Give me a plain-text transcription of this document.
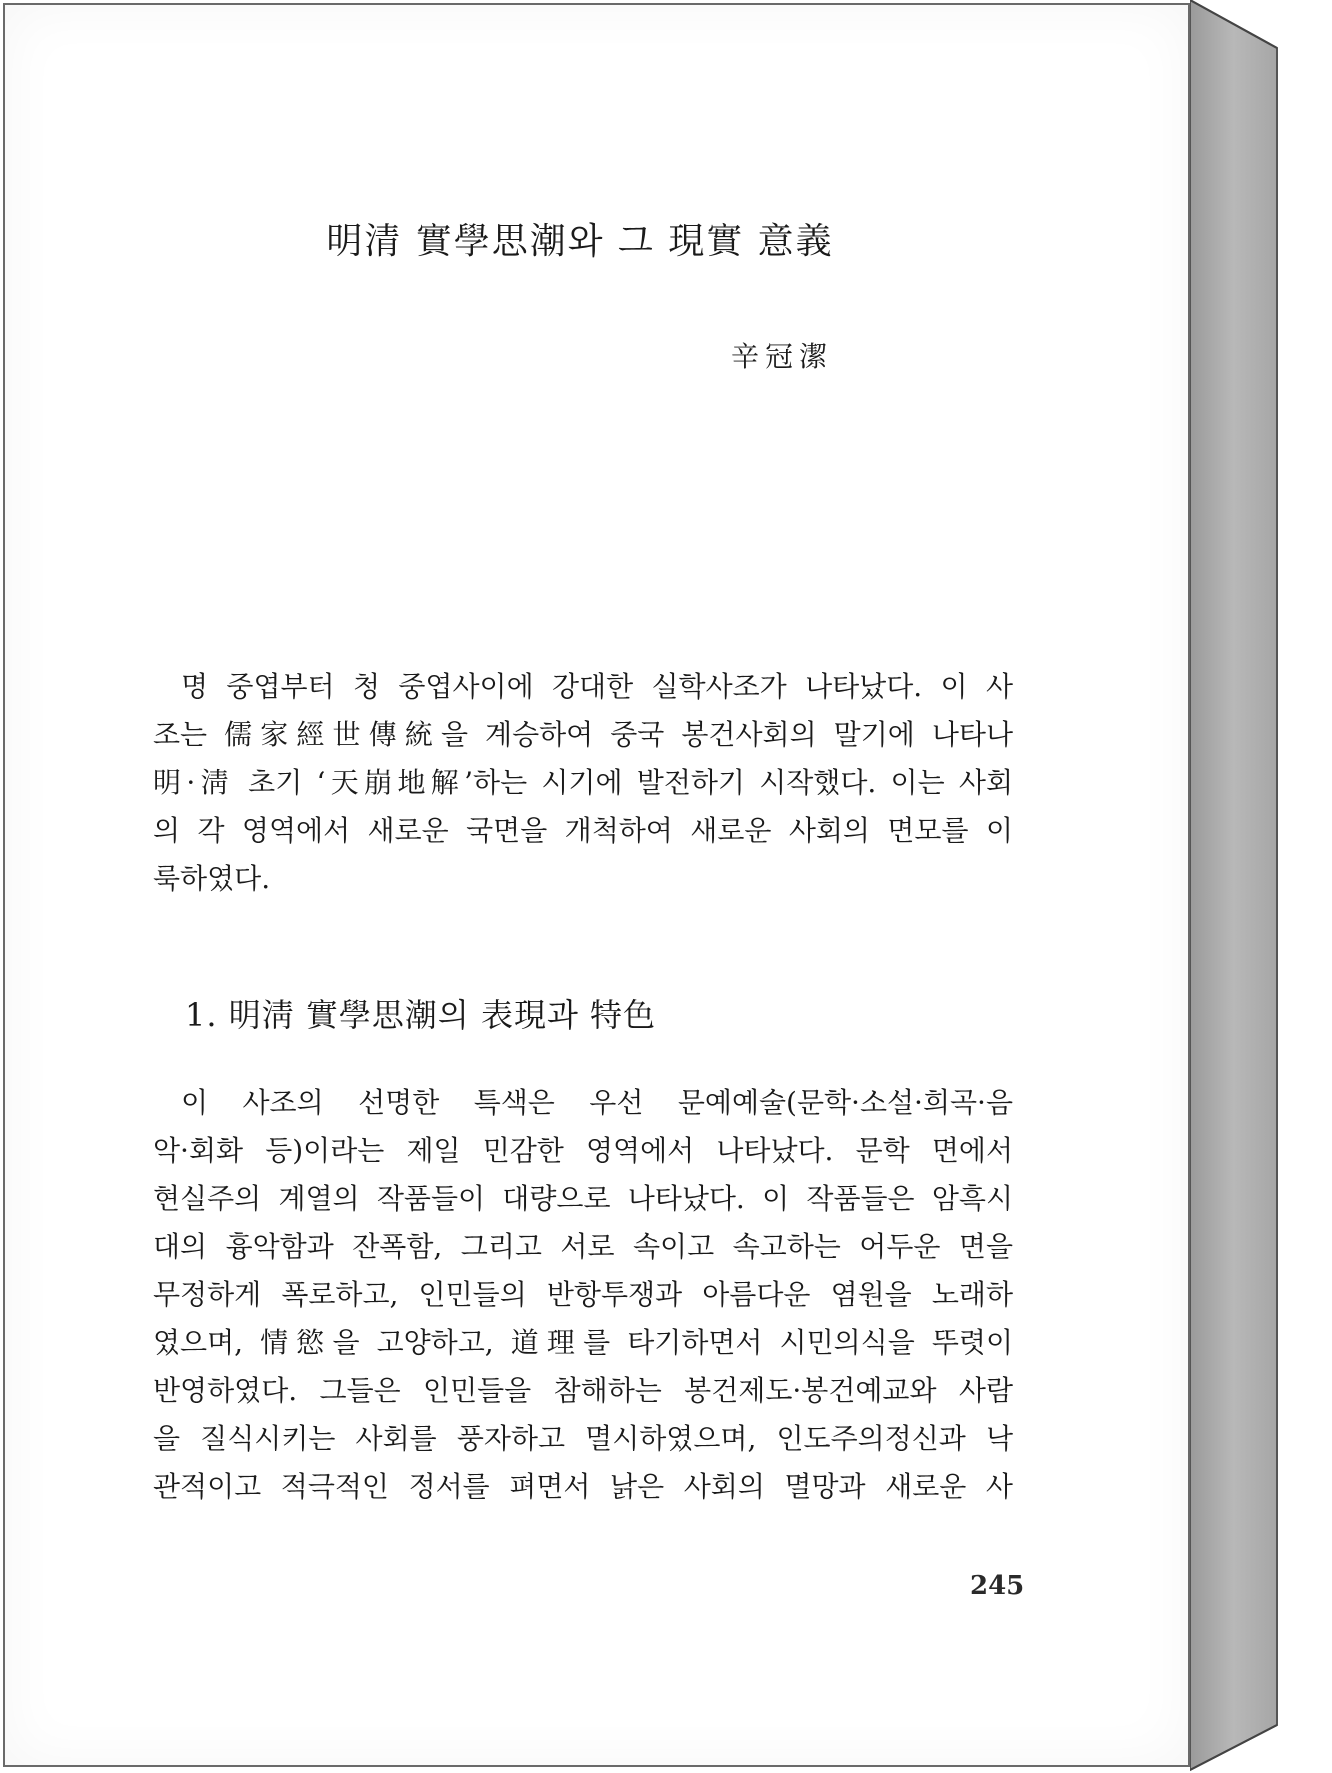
明清 實學思潮와 그 現實 意義
辛冠潔
명 중엽부터 청 중엽사이에 강대한 실학사조가 나타났다. 이 사
조는 儒家經世傳統을 계승하여 중국 봉건사회의 말기에 나타나
明·淸 초기 ‘天崩地解’하는 시기에 발전하기 시작했다. 이는 사회
의 각 영역에서 새로운 국면을 개척하여 새로운 사회의 면모를 이
룩하였다.
1. 明淸 實學思潮의 表現과 特色
이 사조의 선명한 특색은 우선 문예예술(문학·소설·희곡·음
악·회화 등)이라는 제일 민감한 영역에서 나타났다. 문학 면에서
현실주의 계열의 작품들이 대량으로 나타났다. 이 작품들은 암흑시
대의 흉악함과 잔폭함, 그리고 서로 속이고 속고하는 어두운 면을
무정하게 폭로하고, 인민들의 반항투쟁과 아름다운 염원을 노래하
였으며, 情慾을 고양하고, 道理를 타기하면서 시민의식을 뚜렷이
반영하였다. 그들은 인민들을 참해하는 봉건제도·봉건예교와 사람
을 질식시키는 사회를 풍자하고 멸시하였으며, 인도주의정신과 낙
관적이고 적극적인 정서를 펴면서 낡은 사회의 멸망과 새로운 사
245
